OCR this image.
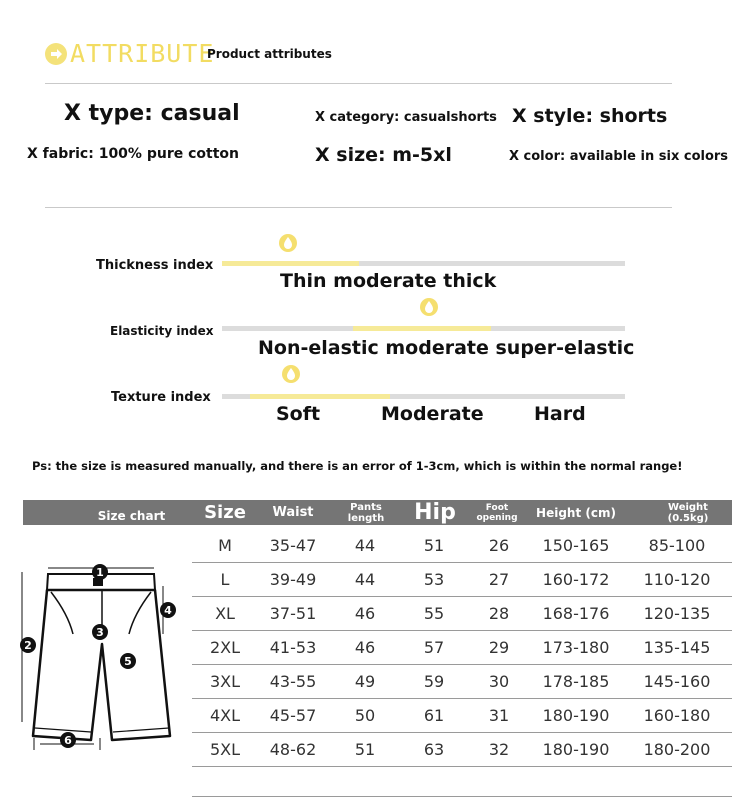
ATTRIBUTE
Product attributes
X type: casual	X category: casualshorts X style: shorts
X fabric: 100% pure cotton	X size: m-5xl	X color: available in six colors
Thickness index
Thin moderate thick
Elasticity index
Non-elastic moderate super-elastic
Texture index
Soft	Moderate	Hard
Ps: the size is measured manually, and there is an error of 1-3cm, which is within the normal range!
Size chart	Size	Waist	Pants length	Hip	Foot opening	Height (cm)	Weight (0.5kg)
M	35-47	44	51	26	150-165	85-100
L	39-49	44	53	27	160-172	110-120
XL	37-51	46	55	28	168-176	120-135
2XL	41-53	46	57	29	173-180	135-145
3XL	43-55	49	59	30	178-185	145-160
4XL	45-57	50	61	31	180-190	160-180
5XL	48-62	51	63	32	180-190	180-200
1
2
3
4
5
6
